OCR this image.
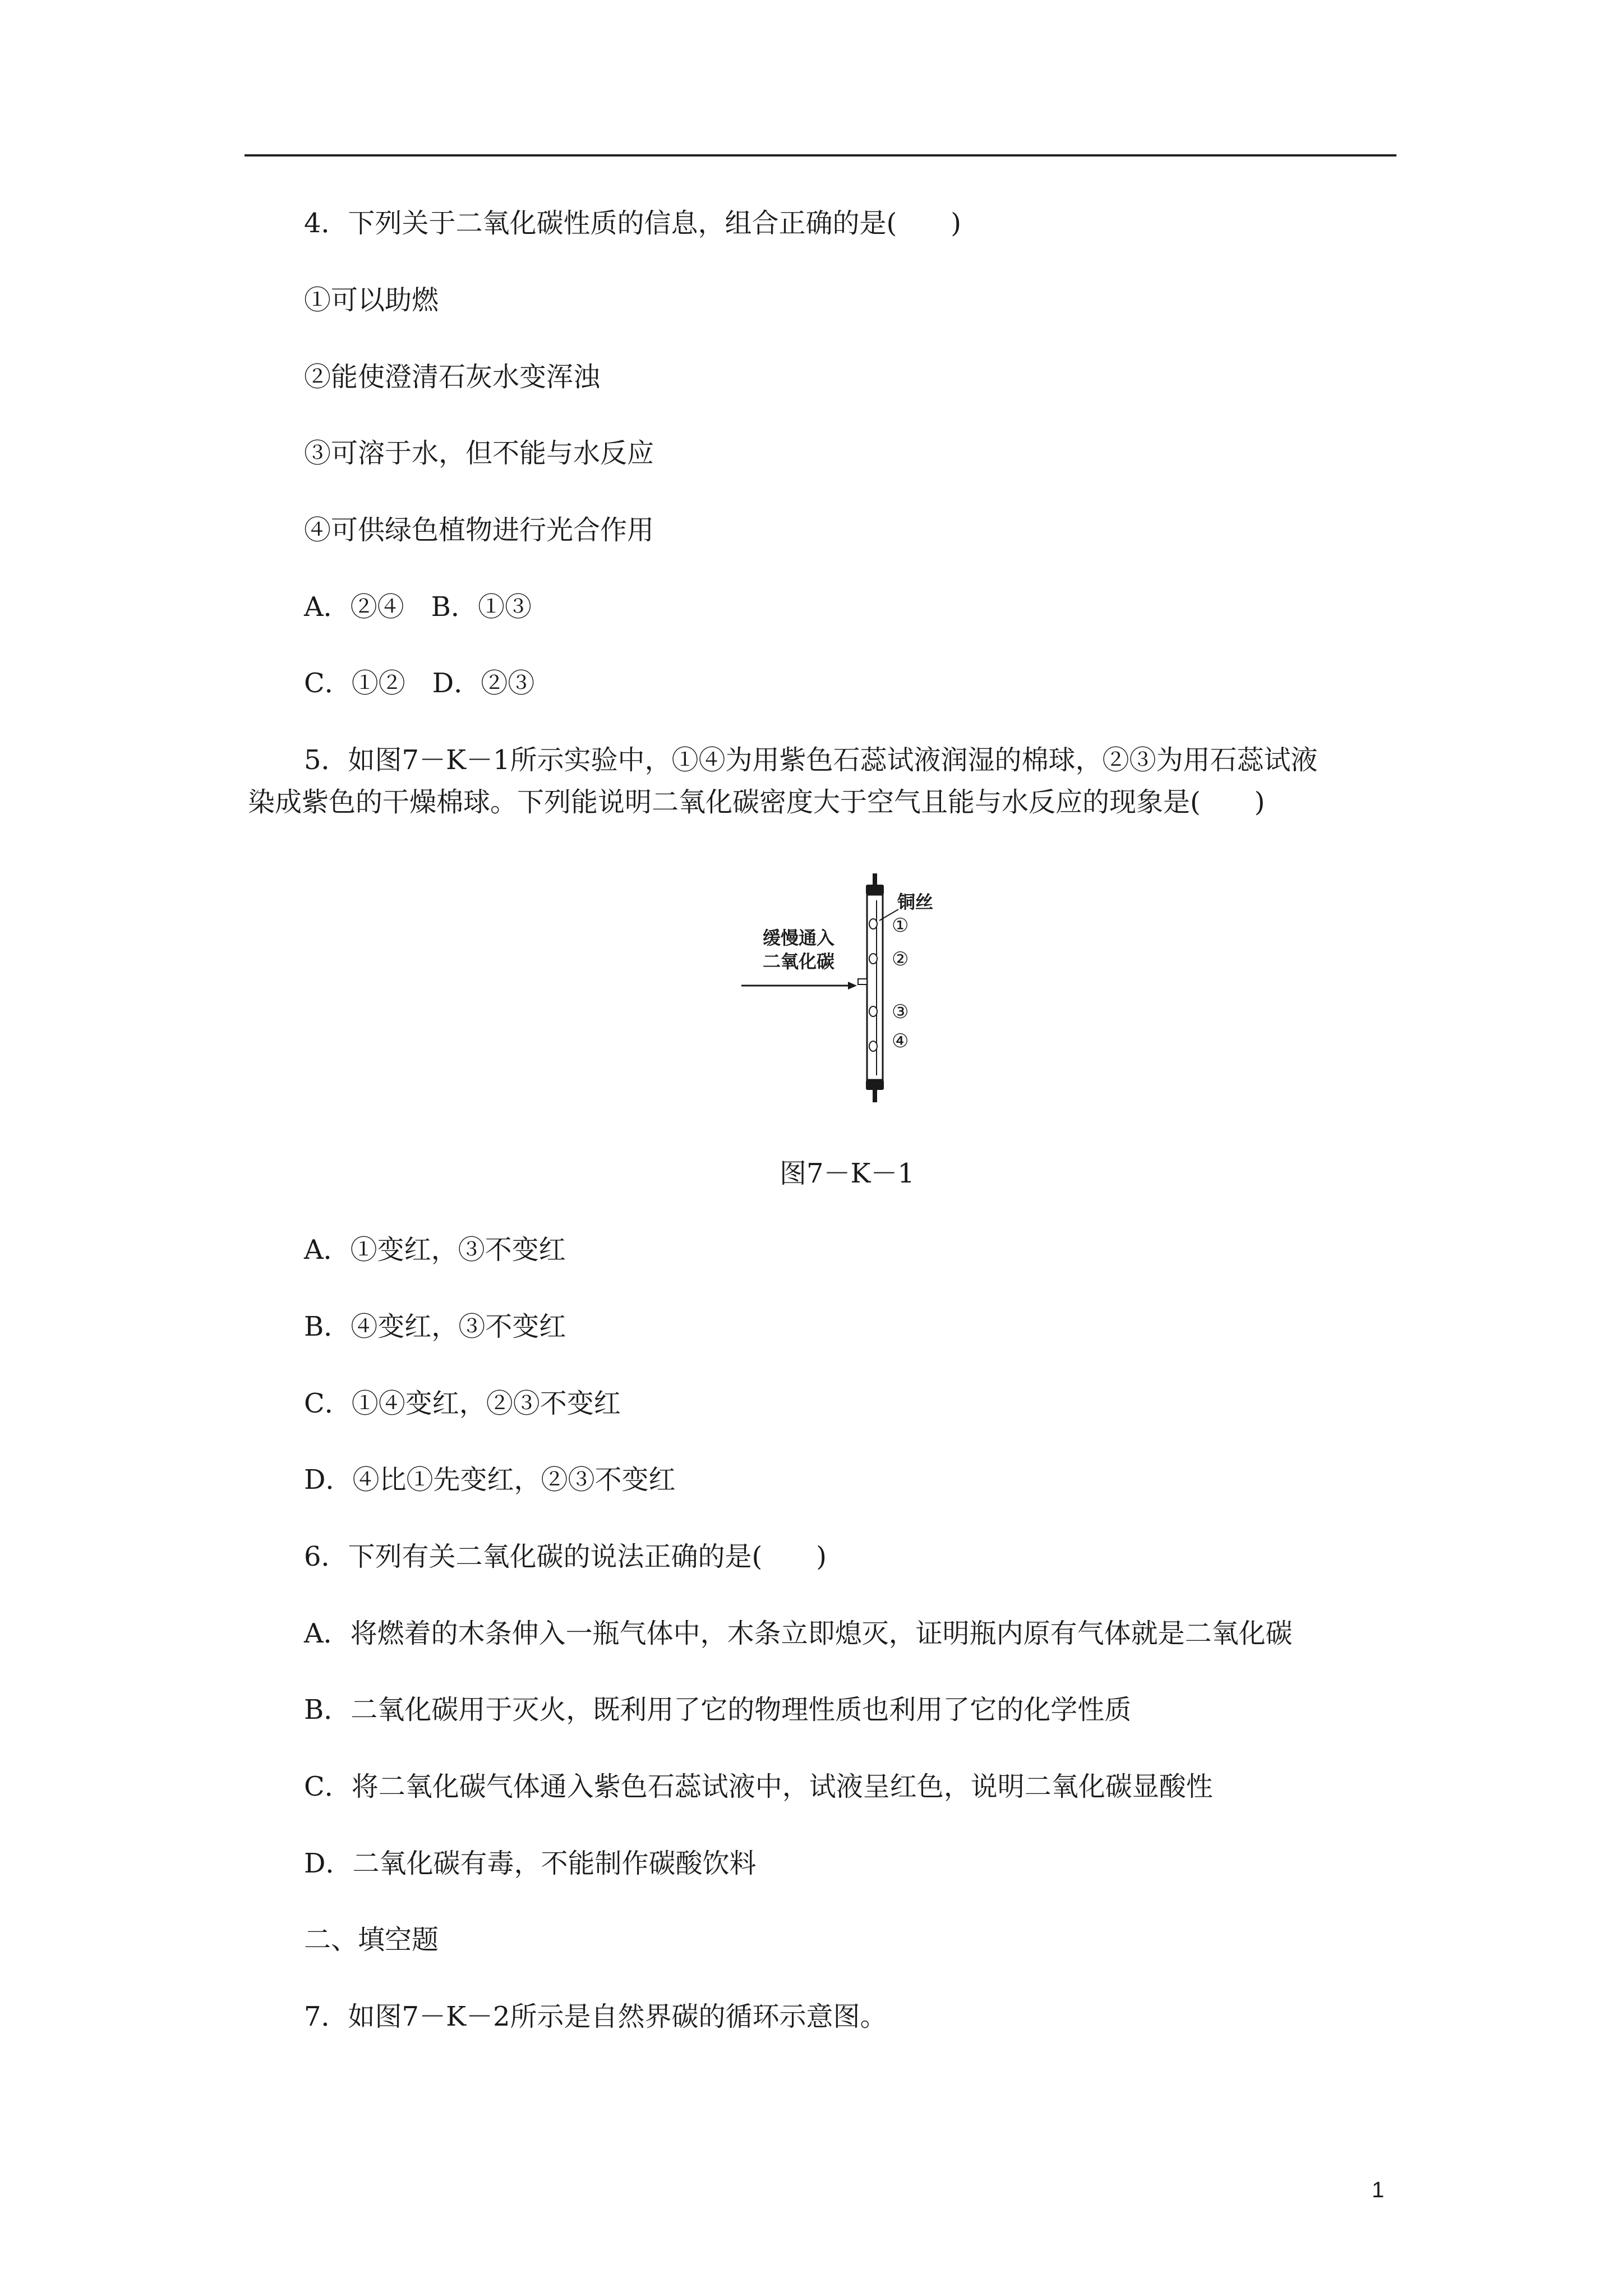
4．下列关于二氧化碳性质的信息，组合正确的是(　　)
①可以助燃
②能使澄清石灰水变浑浊
③可溶于水，但不能与水反应
④可供绿色植物进行光合作用
A．②④　B．①③
C．①②　D．②③
5．如图7－K－1所示实验中，①④为用紫色石蕊试液润湿的棉球，②③为用石蕊试液
染成紫色的干燥棉球。下列能说明二氧化碳密度大于空气且能与水反应的现象是(　　)
缓慢通入
二氧化碳
铜丝
①
②
③
④
图7－K－1
A．①变红，③不变红
B．④变红，③不变红
C．①④变红，②③不变红
D．④比①先变红，②③不变红
6．下列有关二氧化碳的说法正确的是(　　)
A．将燃着的木条伸入一瓶气体中，木条立即熄灭，证明瓶内原有气体就是二氧化碳
B．二氧化碳用于灭火，既利用了它的物理性质也利用了它的化学性质
C．将二氧化碳气体通入紫色石蕊试液中，试液呈红色，说明二氧化碳显酸性
D．二氧化碳有毒，不能制作碳酸饮料
二、填空题
7．如图7－K－2所示是自然界碳的循环示意图。
1
